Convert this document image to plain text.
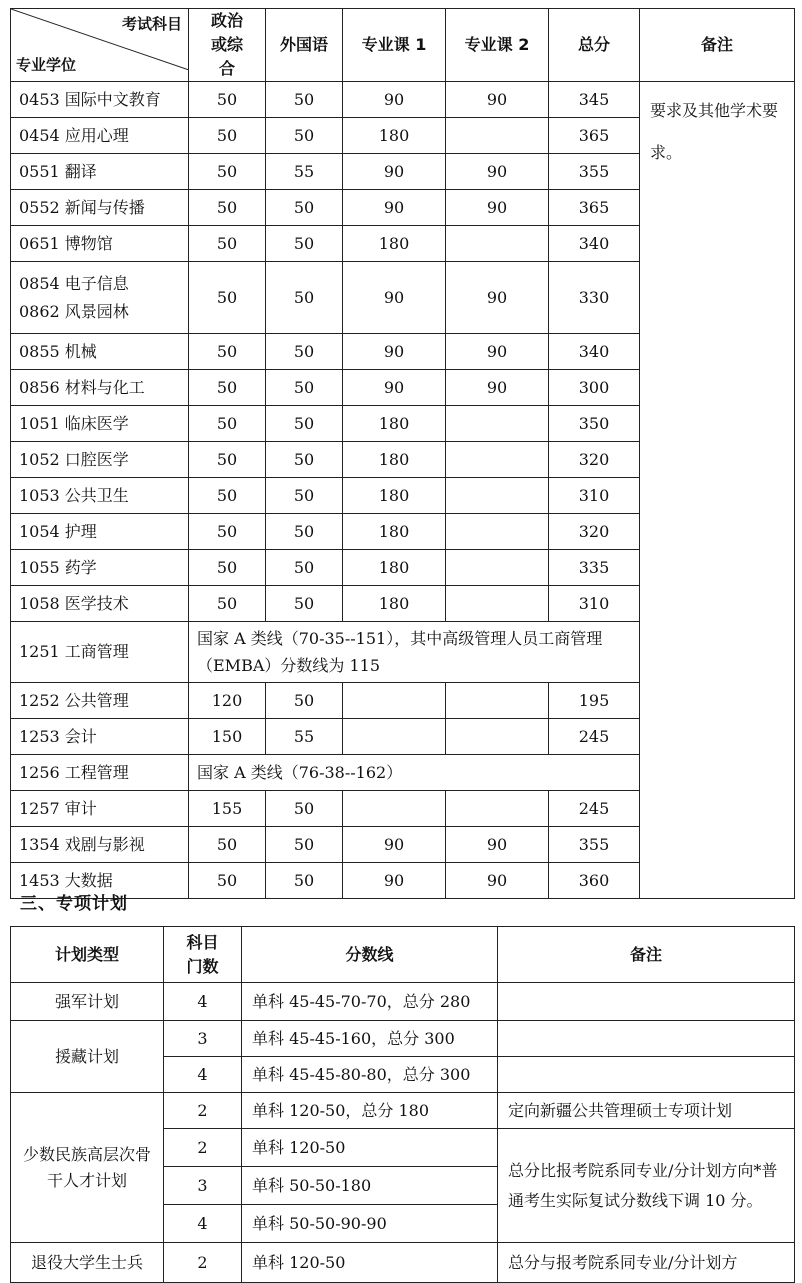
考试科目
专业学位	政治或综合	外国语	专业课 1	专业课 2	总分	备注
0453 国际中文教育	50	50	90	90	345	要求及其他学术要求。
0454 应用心理	50	50	180		365	
0551 翻译	50	55	90	90	355	
0552 新闻与传播	50	50	90	90	365	
0651 博物馆	50	50	180		340	

0854 电子信息
0862 风景园林	50	50	90	90	330	
0855 机械	50	50	90	90	340	
0856 材料与化工	50	50	90	90	300	
1051 临床医学	50	50	180		350	
1052 口腔医学	50	50	180		320	
1053 公共卫生	50	50	180		310	
1054 护理	50	50	180		320	
1055 药学	50	50	180		335	
1058 医学技术	50	50	180		310	
1251 工商管理	国家 A 类线（70-35--151），其中高级管理人员工商管理（EMBA）分数线为 115					
1252 公共管理	120	50			195	
1253 会计	150	55			245	
1256 工程管理	国家 A 类线（76-38--162）					
1257 审计	155	50			245	
1354 戏剧与影视	50	50	90	90	355	
1453 大数据	50	50	90	90	360	
三、专项计划
计划类型	科目门数	分数线	备注
强军计划	4	单科 45-45-70-70，总分 280	
援藏计划	3	单科 45-45-160，总分 300	
	4	单科 45-45-80-80，总分 300	

少数民族高层次骨干人才计划	2	单科 120-50，总分 180	定向新疆公共管理硕士专项计划
	2	单科 120-50	总分比报考院系同专业/分计划方向*普通考生实际复试分数线下调 10 分。
	3	单科 50-50-180	
	4	单科 50-50-90-90	
退役大学生士兵	2	单科 120-50	总分与报考院系同专业/分计划方
